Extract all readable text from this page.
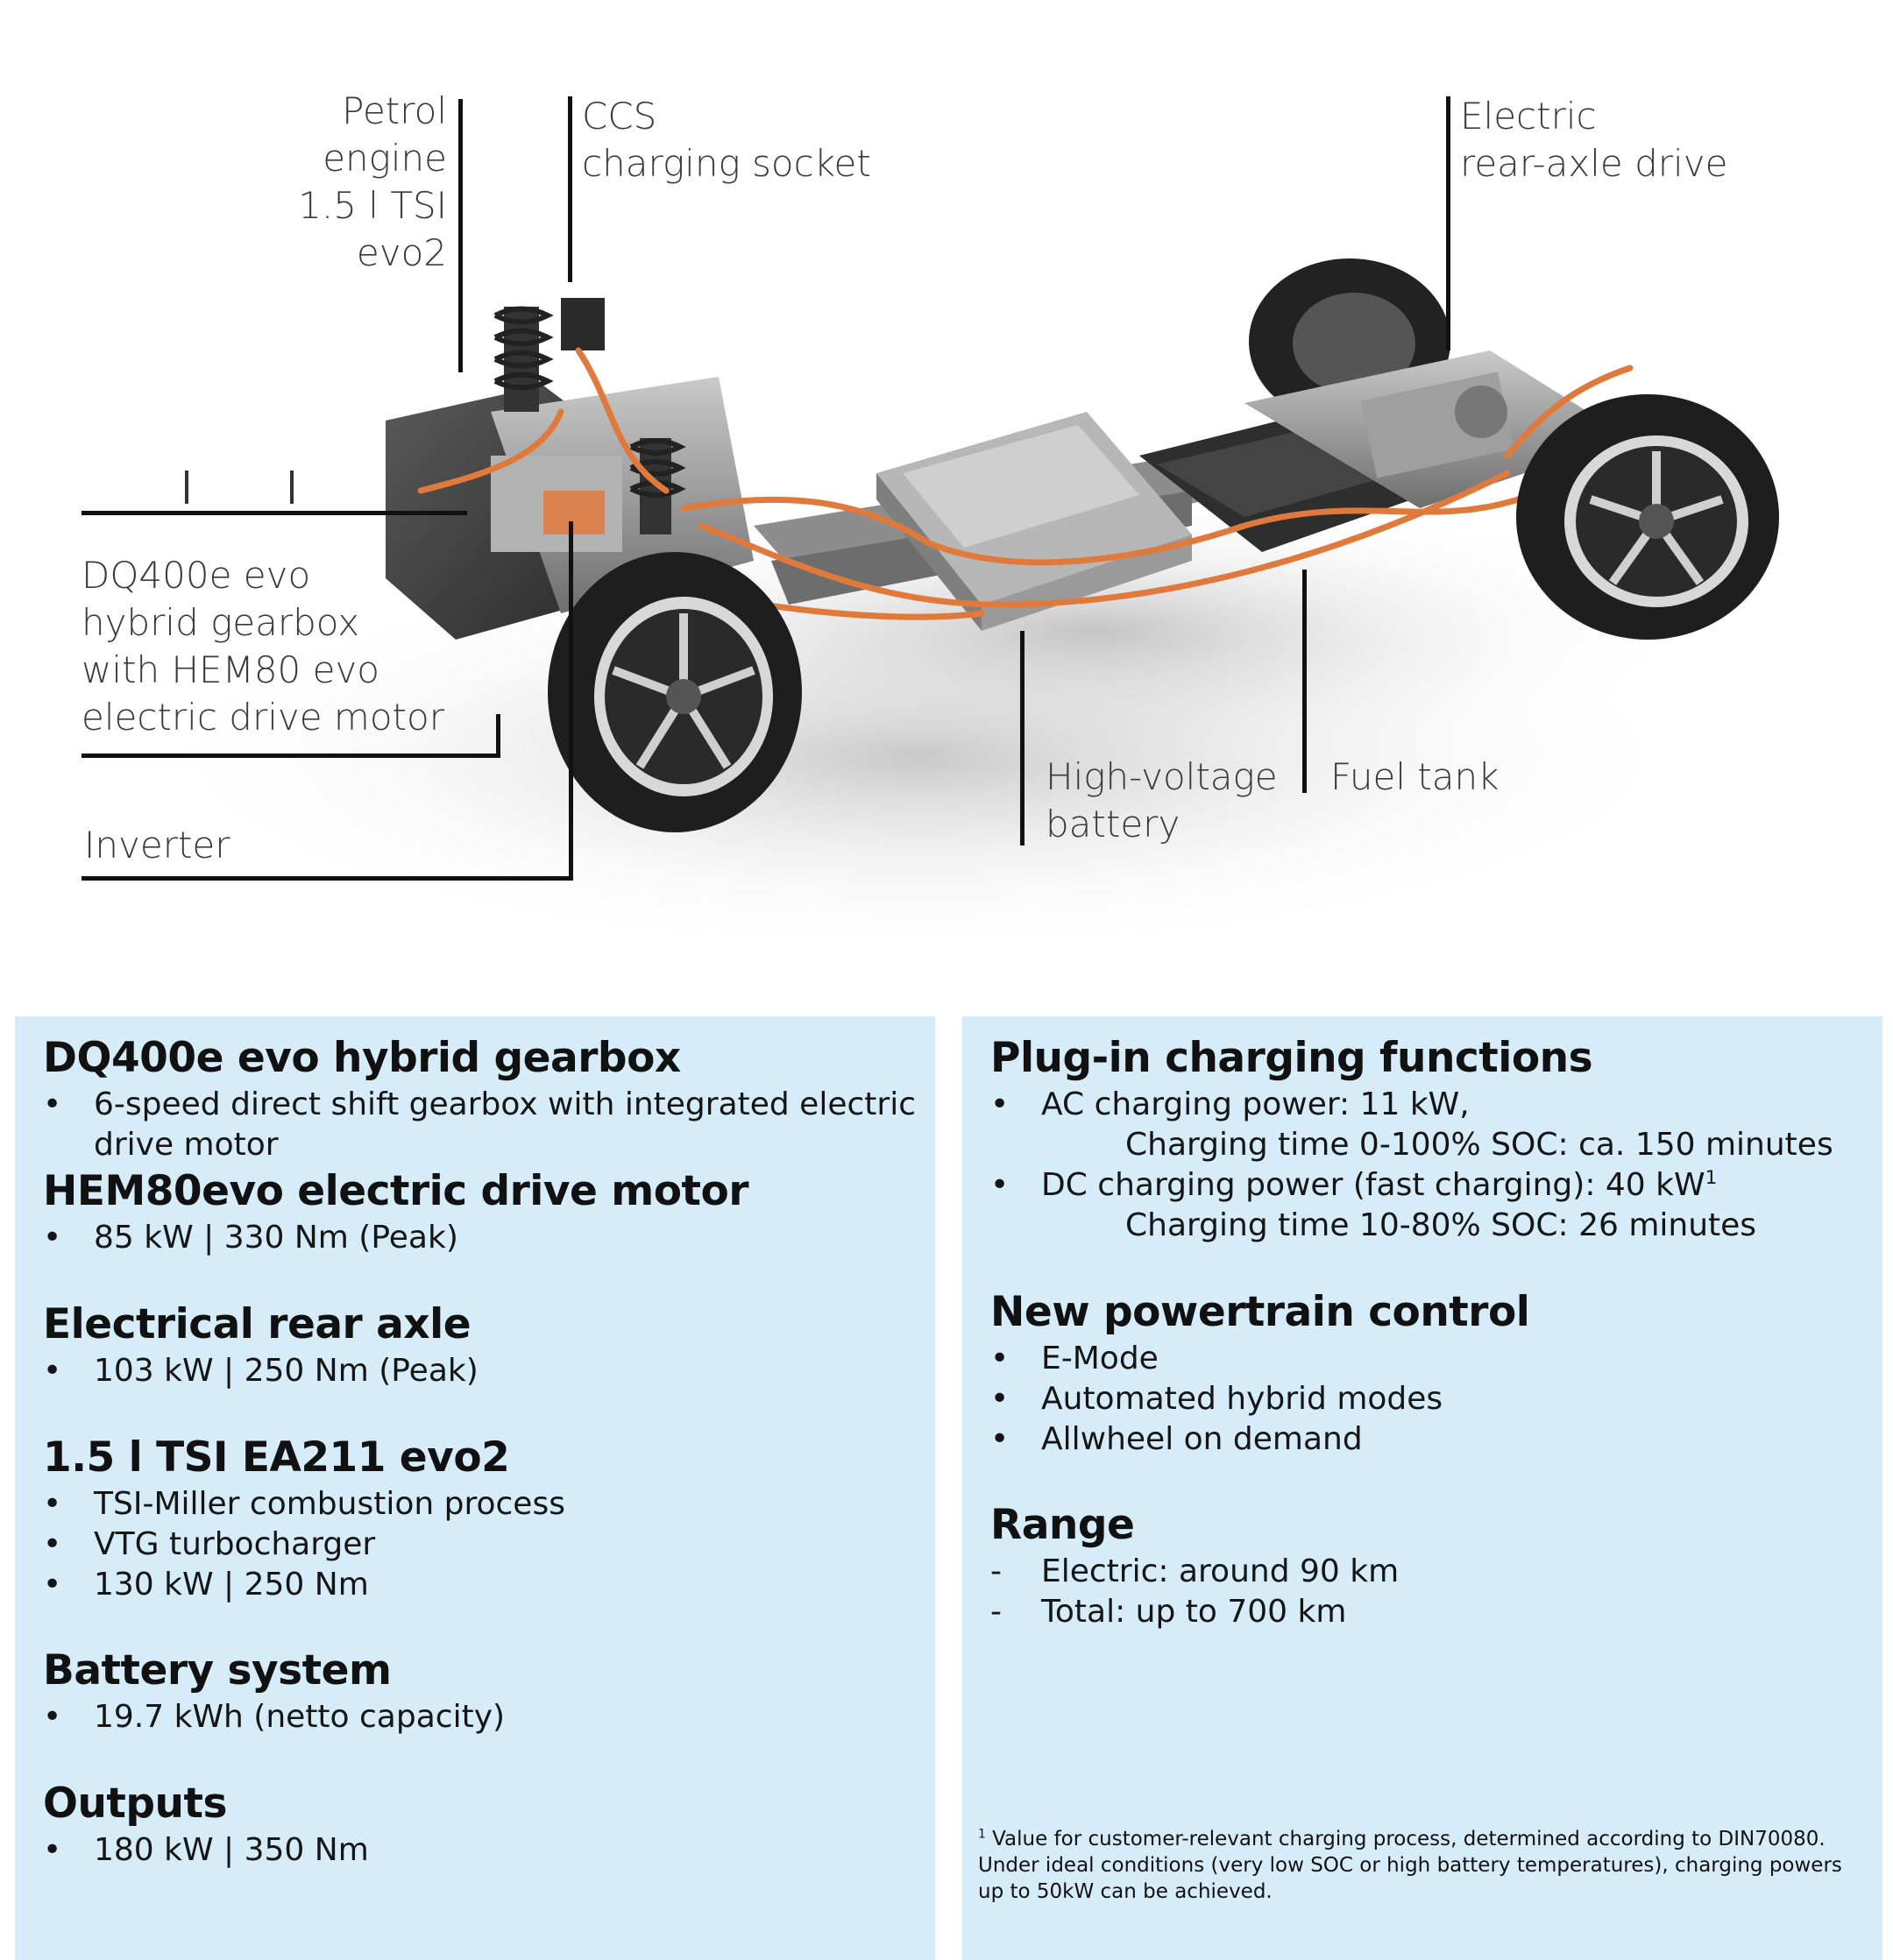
Petrol engine
1.5 l TSI evo2
CCS
charging socket
Electric
rear-axle drive
DQ400e evo
hybrid gearbox
with HEM80 evo
electric drive motor
Inverter
High-voltage
battery
Fuel tank
DQ400e evo hybrid gearbox
• 6-speed direct shift gearbox with integrated electric drive motor
HEM80evo electric drive motor
• 85 kW | 330 Nm (Peak)
Electrical rear axle
• 103 kW | 250 Nm (Peak)
1.5 l TSI EA211 evo2
• TSI-Miller combustion process
• VTG turbocharger
• 130 kW | 250 Nm
Battery system
• 19.7 kWh (netto capacity)
Outputs
• 180 kW | 350 Nm
Plug-in charging functions
• AC charging power: 11 kW,
Charging time 0-100% SOC: ca. 150 minutes
• DC charging power (fast charging): 40 $kW^1$
Charging time 10-80% SOC: 26 minutes
New powertrain control
• E-Mode
• Automated hybrid modes
• Allwheel on demand
Range
-	Electric: around 90 km
-	Total: up to 700 km
$^1$ Value for customer-relevant charging process, determined according to DIN70080. Under ideal conditions (very low SOC or high battery temperatures), charging powers up to 50kW can be achieved.
